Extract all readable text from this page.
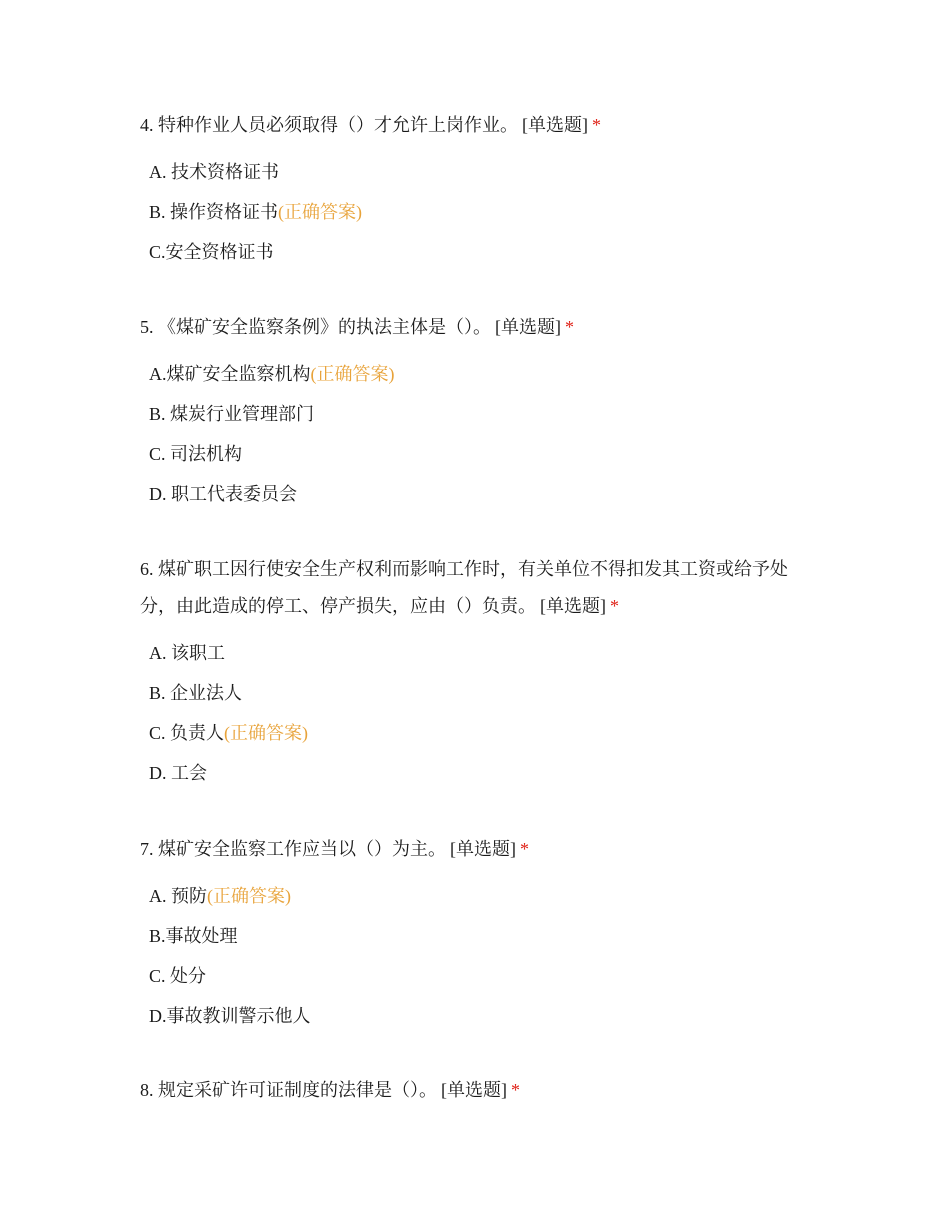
4. 特种作业人员必须取得（）才允许上岗作业。 [单选题] *

A. 技术资格证书
B. 操作资格证书(正确答案)
C.安全资格证书

5. 《煤矿安全监察条例》的执法主体是（）。 [单选题] *

A.煤矿安全监察机构(正确答案)
B. 煤炭行业管理部门
C. 司法机构
D. 职工代表委员会

6. 煤矿职工因行使安全生产权利而影响工作时，有关单位不得扣发其工资或给予处分，由此造成的停工、停产损失，应由（）负责。 [单选题] *

A. 该职工
B. 企业法人
C. 负责人(正确答案)
D. 工会

7. 煤矿安全监察工作应当以（）为主。 [单选题] *

A. 预防(正确答案)
B.事故处理
C. 处分
D.事故教训警示他人

8. 规定采矿许可证制度的法律是（）。 [单选题] *
